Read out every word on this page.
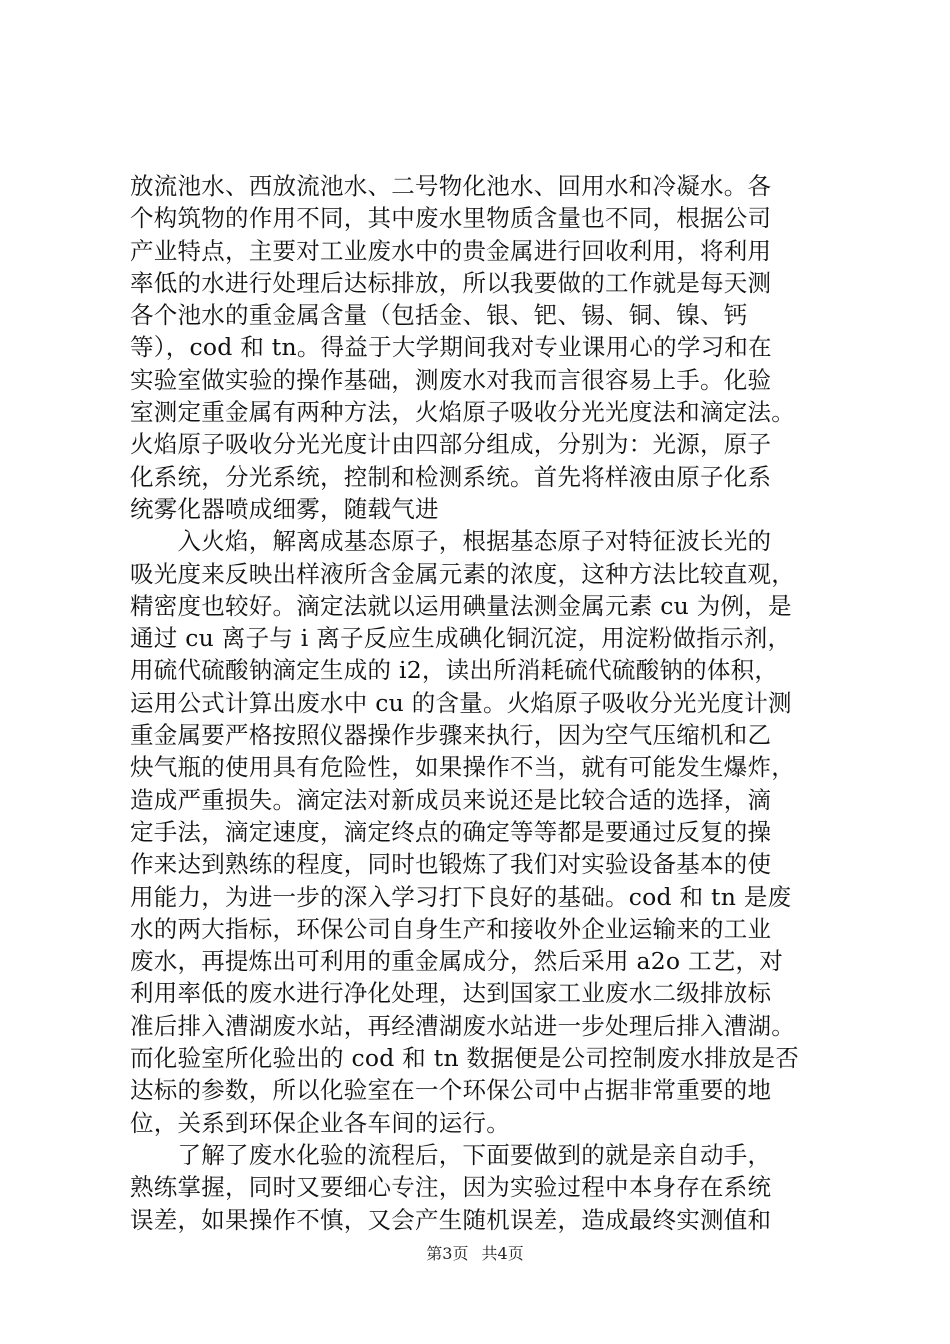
放流池水、西放流池水、二号物化池水、回用水和冷凝水。各
个构筑物的作用不同，其中废水里物质含量也不同，根据公司
产业特点，主要对工业废水中的贵金属进行回收利用，将利用
率低的水进行处理后达标排放，所以我要做的工作就是每天测
各个池水的重金属含量（包括金、银、钯、锡、铜、镍、钙
等），cod 和 tn。得益于大学期间我对专业课用心的学习和在
实验室做实验的操作基础，测废水对我而言很容易上手。化验
室测定重金属有两种方法，火焰原子吸收分光光度法和滴定法。
火焰原子吸收分光光度计由四部分组成，分别为：光源，原子
化系统，分光系统，控制和检测系统。首先将样液由原子化系
统雾化器喷成细雾，随载气进

　　入火焰，解离成基态原子，根据基态原子对特征波长光的
吸光度来反映出样液所含金属元素的浓度，这种方法比较直观，
精密度也较好。滴定法就以运用碘量法测金属元素 cu 为例，是
通过 cu 离子与 i 离子反应生成碘化铜沉淀，用淀粉做指示剂，
用硫代硫酸钠滴定生成的 i2，读出所消耗硫代硫酸钠的体积，
运用公式计算出废水中 cu 的含量。火焰原子吸收分光光度计测
重金属要严格按照仪器操作步骤来执行，因为空气压缩机和乙
炔气瓶的使用具有危险性，如果操作不当，就有可能发生爆炸，
造成严重损失。滴定法对新成员来说还是比较合适的选择，滴
定手法，滴定速度，滴定终点的确定等等都是要通过反复的操
作来达到熟练的程度，同时也锻炼了我们对实验设备基本的使
用能力，为进一步的深入学习打下良好的基础。cod 和 tn 是废
水的两大指标，环保公司自身生产和接收外企业运输来的工业
废水，再提炼出可利用的重金属成分，然后采用 a2o 工艺，对
利用率低的废水进行净化处理，达到国家工业废水二级排放标
准后排入漕湖废水站，再经漕湖废水站进一步处理后排入漕湖。
而化验室所化验出的 cod 和 tn 数据便是公司控制废水排放是否
达标的参数，所以化验室在一个环保公司中占据非常重要的地
位，关系到环保企业各车间的运行。

　　了解了废水化验的流程后，下面要做到的就是亲自动手，
熟练掌握，同时又要细心专注，因为实验过程中本身存在系统
误差，如果操作不慎，又会产生随机误差，造成最终实测值和

第3页 共4页
